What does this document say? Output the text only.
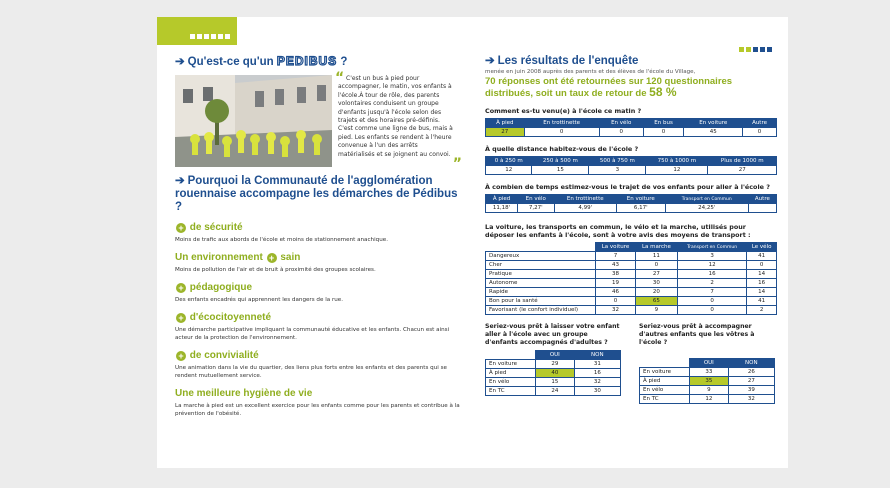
➔ Qu'est-ce qu'un PEDIBUS ?
“ C'est un bus à pied pour accompagner, le matin, vos enfants à l'école.À tour de rôle, des parents volontaires conduisent un groupe d'enfants jusqu'à l'école selon des trajets et des horaires pré-définis. C'est comme une ligne de bus, mais à pied. Les enfants se rendent à l'heure convenue à l'un des arrêts matérialisés et se joignent au convoi.

”
➔ Pourquoi la Communauté de l'agglomération rouennaise accompagne les démarches de Pédibus ?
+ de sécurité

Moins de trafic aux abords de l'école et moins de stationnement anachique.

Un environnement + sain

Moins de pollution de l'air et de bruit à proximité des groupes scolaires.

+ pédagogique

Des enfants encadrés qui apprennent les dangers de la rue.

+ d'écocitoyenneté

Une démarche participative impliquant la communauté éducative et les enfants. Chacun est ainsi acteur de la protection de l'environnement.

+ de convivialité

Une animation dans la vie du quartier, des liens plus forts entre les enfants et des parents qui se rendent mutuellement service.

Une meilleure hygiène de vie

La marche à pied est un excellent exercice pour les enfants comme pour les parents et contribue à la prévention de l'obésité.

➔ Les résultats de l'enquête

menée en juin 2008 auprès des parents et des élèves de l'école du Village,

70 réponses ont été retournées sur 120 questionnaires distribués, soit un taux de retour de 58 %

Comment es-tu venu(e) à l'école ce matin ?

À pied	En trottinette	En vélo	En bus	En voiture	Autre
27	0	0	0	45	0

À quelle distance habitez-vous de l'école ?

0 à 250 m	250 à 500 m	500 à 750 m	750 à 1000 m	Plus de 1000 m
12	15	3	12	27

À combien de temps estimez-vous le trajet de vos enfants pour aller à l'école ?

À pied	En vélo	En trottinette	En voiture	Transport en Commun	Autre
11,18'	7,27'	4,99'	6,17'	24,25'	

La voiture, les transports en commun, le vélo et la marche, utilisés pour déposer les enfants à l'école, sont à votre avis des moyens de transport :

	La voiture	La marche	Transport en Commun	Le vélo
Dangereux	7	11	3	41
Cher	43	0	12	0
Pratique	38	27	16	14
Autonome	19	30	2	16
Rapide	46	20	7	14
Bon pour la santé	0	65	0	41
Favorisant (le confort individuel)	32	9	0	2

Seriez-vous prêt à laisser votre enfant aller à l'école avec un groupe d'enfants accompagnés d'adultes ?

	OUI	NON
En voiture	29	31
À pied	40	16
En vélo	15	32
En TC	24	30

Seriez-vous prêt à accompagner d'autres enfants que les vôtres à l'école ?

	OUI	NON
En voiture	33	26
À pied	35	27
En vélo	9	39
En TC	12	32
